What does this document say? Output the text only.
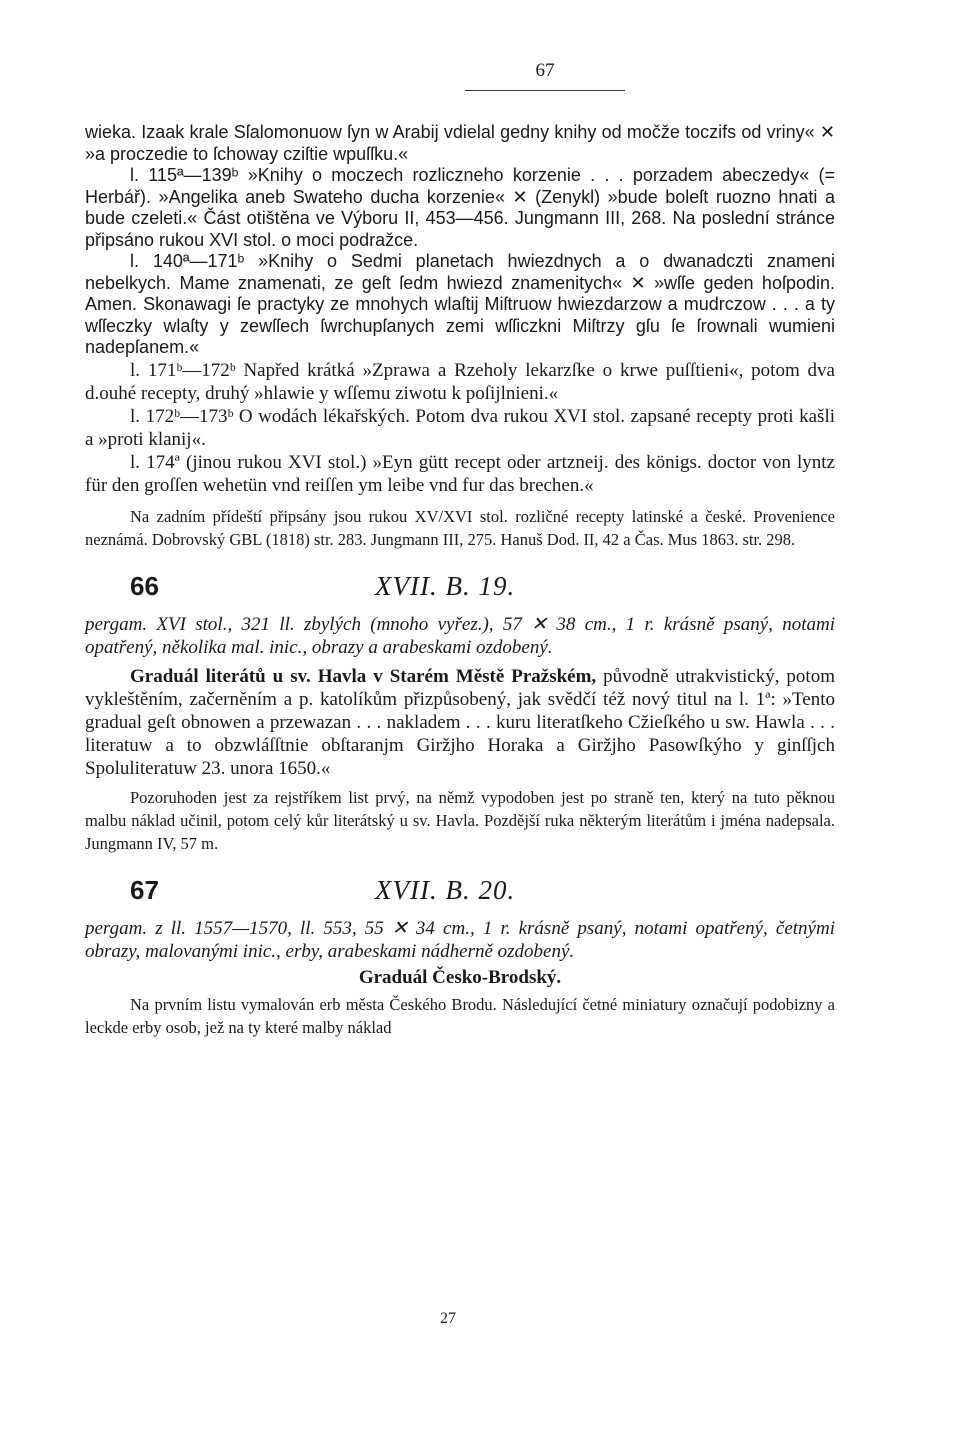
67

wieka. Izaak krale Sſalomonuow ſyn w Arabij vdielal gedny knihy od močže toczifs od vriny« ✕ »a proczedie to ſchoway cziſtie wpuſſku.«

l. 115ª—139ᵇ »Knihy o moczech rozliczneho korzenie . . . porzadem abeczedy« (= Herbář). »Angelika aneb Swateho ducha korzenie« ✕ (Zenykl) »bude boleſt ruozno hnati a bude czeleti.« Část otištěna ve Výboru II, 453—456. Jungmann III, 268. Na poslední stránce připsáno rukou XVI stol. o moci podražce.

l. 140ª—171ᵇ »Knihy o Sedmi planetach hwiezdnych a o dwanadczti znameni nebelkych. Mame znamenati, ze geſt ſedm hwiezd znamenitych« ✕ »wſſe geden hoſpodin. Amen. Skonawagi ſe practyky ze mnohych wlaſtij Miſtruow hwiezdarzow a mudrczow . . . a ty wſſeczky wlaſty y zewſſech ſwrchupſanych zemi wſſiczkni Miſtrzy gſu ſe ſrownali wumieni nadepſanem.«

l. 171ᵇ—172ᵇ Napřed krátká »Zprawa a Rzeholy lekarzſke o krwe puſſtieni«, potom dva d.ouhé recepty, druhý »hlawie y wſſemu ziwotu k poſijlnieni.«

l. 172ᵇ—173ᵇ O wodách lékařských. Potom dva rukou XVI stol. zapsané recepty proti kašli a »proti klanij«.

l. 174ª (jinou rukou XVI stol.) »Eyn gütt recept oder artzneij. des königs. doctor von lyntz für den groſſen wehetün vnd reiſſen ym leibe vnd fur das brechen.«

Na zadním přídeští připsány jsou rukou XV/XVI stol. rozličné recepty latinské a české. Provenience neznámá. Dobrovský GBL (1818) str. 283. Jungmann III, 275. Hanuš Dod. II, 42 a Čas. Mus 1863. str. 298.

66	XVII. B. 19.

pergam. XVI stol., 321 ll. zbylých (mnoho vyřez.), 57 ✕ 38 cm., 1 r. krásně psaný, notami opatřený, několika mal. inic., obrazy a arabeskami ozdobený.

Graduál literátů u sv. Havla v Starém Městě Pražském, původně utrakvistický, potom vykleštěním, začerněním a p. katolíkům přizpůsobený, jak svědčí též nový titul na l. 1ª: »Tento gradual geſt obnowen a przewazan . . . nakladem . . . kuru literatſkeho Cžieſkého u sw. Hawla . . . literatuw a to obzwláſſtnie obſtaranjm Giržjho Horaka a Giržjho Pasowſkýho y ginſſjch Spoluliteratuw 23. unora 1650.«

Pozoruhoden jest za rejstříkem list prvý, na němž vypodoben jest po straně ten, který na tuto pěknou malbu náklad učinil, potom celý kůr literátský u sv. Havla. Pozdější ruka některým literátům i jména nadepsala. Jungmann IV, 57 m.

67	XVII. B. 20.

pergam. z ll. 1557—1570, ll. 553, 55 ✕ 34 cm., 1 r. krásně psaný, notami opatřený, četnými obrazy, malovanými inic., erby, arabeskami nádherně ozdobený.

Graduál Česko-Brodský.

Na prvním listu vymalován erb města Českého Brodu. Následující četné miniatury označují podobizny a leckde erby osob, jež na ty které malby náklad

27
